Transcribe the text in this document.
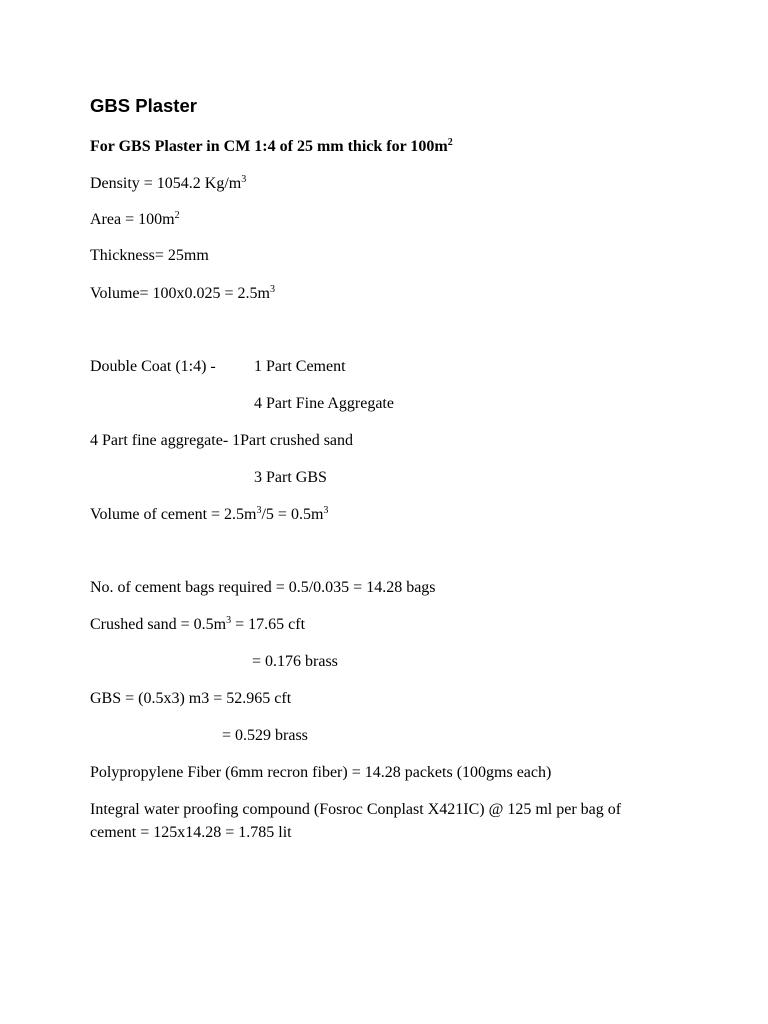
GBS Plaster
For GBS Plaster in CM 1:4 of 25 mm thick for $100m^2$
Density = 1054.2 $Kg/m^3$
Area = $100m^2$
Thickness= 25mm
Volume= $100x0.025 = 2.5m^3$
Double Coat (1:4) - 1 Part Cement
4 Part Fine Aggregate
4 Part fine aggregate- 1Part crushed sand
3 Part GBS
Volume of cement = $2.5m^3/5 = 0.5m^3$
No. of cement bags required = 0.5/0.035 = 14.28 bags
Crushed sand = $0.5m^3 = 17.65$ cft
= 0.176 brass
GBS = (0.5x3) m3 = 52.965 cft
= 0.529 brass
Polypropylene Fiber (6mm recron fiber) = 14.28 packets (100gms each)
Integral water proofing compound (Fosroc Conplast X421IC) @ 125 ml per bag of
cement = 125x14.28 = 1.785 lit
